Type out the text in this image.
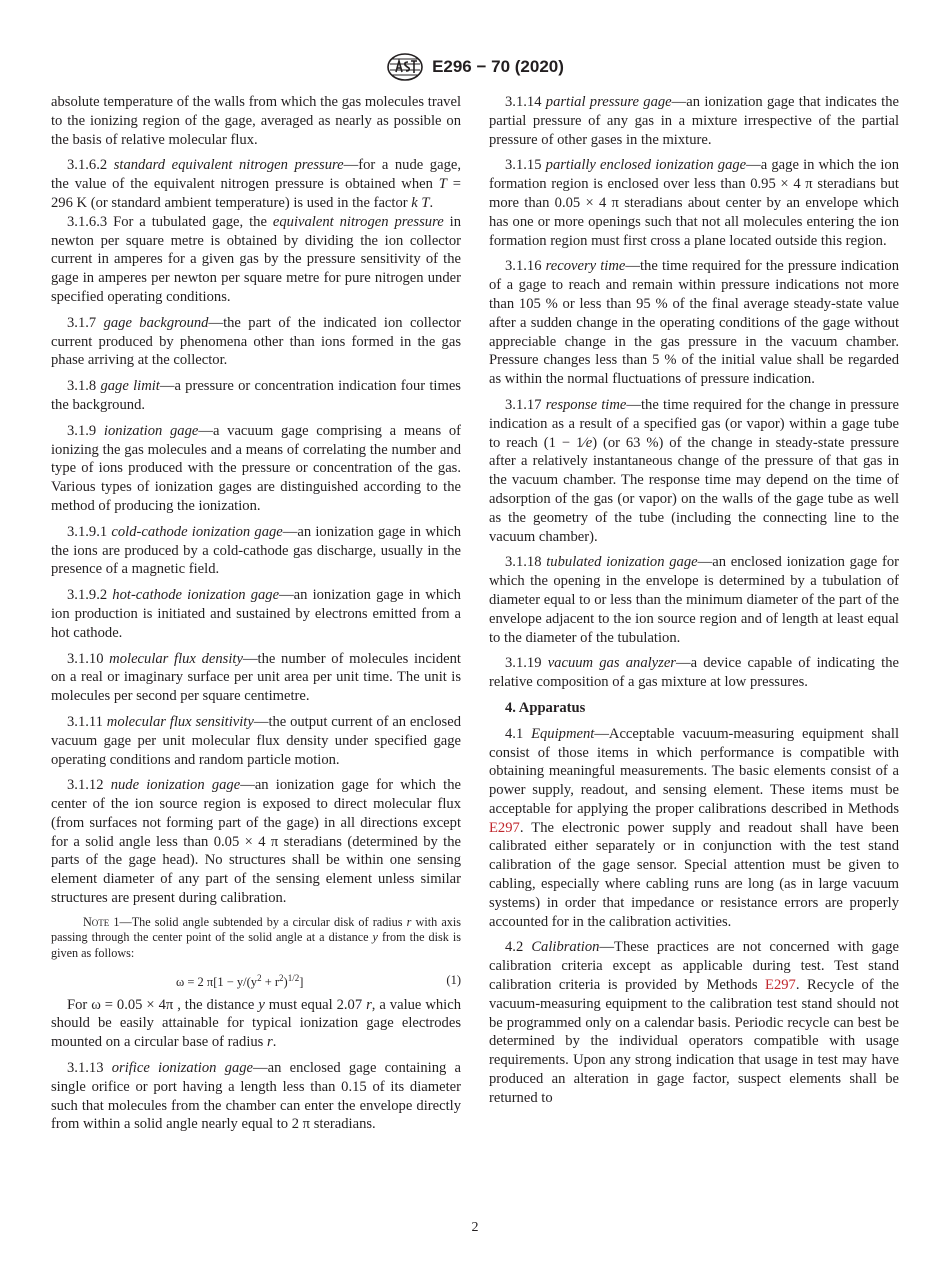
E296 − 70 (2020)

absolute temperature of the walls from which the gas molecules travel to the ionizing region of the gage, averaged as nearly as possible on the basis of relative molecular flux.

3.1.6.2 standard equivalent nitrogen pressure—for a nude gage, the value of the equivalent nitrogen pressure is obtained when T = 296 K (or standard ambient temperature) is used in the factor k T.

3.1.6.3 For a tubulated gage, the equivalent nitrogen pressure in newton per square metre is obtained by dividing the ion collector current in amperes for a given gas by the pressure sensitivity of the gage in amperes per newton per square metre for pure nitrogen under specified operating conditions.

3.1.7 gage background—the part of the indicated ion collector current produced by phenomena other than ions formed in the gas phase arriving at the collector.

3.1.8 gage limit—a pressure or concentration indication four times the background.

3.1.9 ionization gage—a vacuum gage comprising a means of ionizing the gas molecules and a means of correlating the number and type of ions produced with the pressure or concentration of the gas. Various types of ionization gages are distinguished according to the method of producing the ionization.

3.1.9.1 cold-cathode ionization gage—an ionization gage in which the ions are produced by a cold-cathode gas discharge, usually in the presence of a magnetic field.

3.1.9.2 hot-cathode ionization gage—an ionization gage in which ion production is initiated and sustained by electrons emitted from a hot cathode.

3.1.10 molecular flux density—the number of molecules incident on a real or imaginary surface per unit area per unit time. The unit is molecules per second per square centimetre.

3.1.11 molecular flux sensitivity—the output current of an enclosed vacuum gage per unit molecular flux density under specified gage operating conditions and random particle motion.

3.1.12 nude ionization gage—an ionization gage for which the center of the ion source region is exposed to direct molecular flux (from surfaces not forming part of the gage) in all directions except for a solid angle less than 0.05 × 4 π steradians (determined by the parts of the gage head). No structures shall be within one sensing element diameter of any part of the sensing element unless similar structures are present during calibration.

Note 1—The solid angle subtended by a circular disk of radius r with axis passing through the center point of the solid angle at a distance y from the disk is given as follows:

ω = 2 $\pi[1 - y/(y^2 + r^2)^{1/2}]$	(1)

For ω = 0.05 × 4π , the distance y must equal 2.07 r, a value which should be easily attainable for typical ionization gage electrodes mounted on a circular base of radius r.

3.1.13 orifice ionization gage—an enclosed gage containing a single orifice or port having a length less than 0.15 of its diameter such that molecules from the chamber can enter the envelope directly from within a solid angle nearly equal to 2 π steradians.

3.1.14 partial pressure gage—an ionization gage that indicates the partial pressure of any gas in a mixture irrespective of the partial pressure of other gases in the mixture.

3.1.15 partially enclosed ionization gage—a gage in which the ion formation region is enclosed over less than 0.95 × 4 π steradians but more than 0.05 × 4 π steradians about center by an envelope which has one or more openings such that not all molecules entering the ion formation region must first cross a plane located outside this region.

3.1.16 recovery time—the time required for the pressure indication of a gage to reach and remain within pressure indications not more than 105 % or less than 95 % of the final average steady-state value after a sudden change in the operating conditions of the gage without appreciable change in the gas pressure in the vacuum chamber. Pressure changes less than 5 % of the initial value shall be regarded as within the normal fluctuations of pressure indication.

3.1.17 response time—the time required for the change in pressure indication as a result of a specified gas (or vapor) within a gage tube to reach (1 − 1⁄e) (or 63 %) of the change in steady-state pressure after a relatively instantaneous change of the pressure of that gas in the vacuum chamber. The response time may depend on the time of adsorption of the gas (or vapor) on the walls of the gage tube as well as the geometry of the tube (including the connecting line to the vacuum chamber).

3.1.18 tubulated ionization gage—an enclosed ionization gage for which the opening in the envelope is determined by a tubulation of diameter equal to or less than the minimum diameter of the part of the envelope adjacent to the ion source region and of length at least equal to the diameter of the tubulation.

3.1.19 vacuum gas analyzer—a device capable of indicating the relative composition of a gas mixture at low pressures.

4. Apparatus

4.1 Equipment—Acceptable vacuum-measuring equipment shall consist of those items in which performance is compatible with obtaining meaningful measurements. The basic elements consist of a power supply, readout, and sensing element. These items must be acceptable for applying the proper calibrations described in Methods E297. The electronic power supply and readout shall have been calibrated either separately or in conjunction with the test stand calibration of the gage sensor. Special attention must be given to cabling, especially where cabling runs are long (as in large vacuum systems) in order that impedance or resistance errors are properly accounted for in the calibration activities.

4.2 Calibration—These practices are not concerned with gage calibration criteria except as applicable during test. Test stand calibration criteria is provided by Methods E297. Recycle of the vacuum-measuring equipment to the calibration test stand should not be programmed only on a calendar basis. Periodic recycle can best be determined by the individual operators compatible with usage requirements. Upon any strong indication that usage in test may have produced an alteration in gage factor, suspect elements shall be returned to

2
